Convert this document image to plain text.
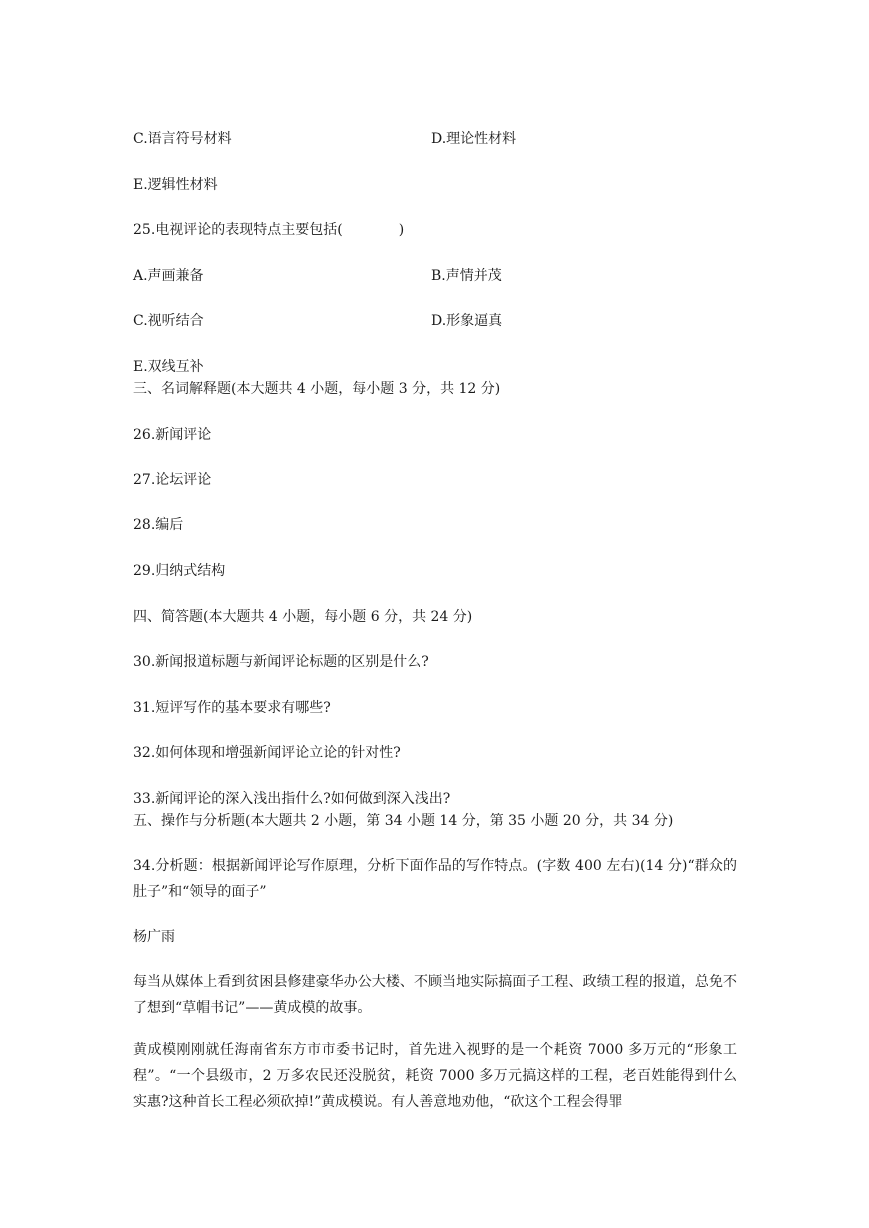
C.语言符号材料	D.理论性材料
E.逻辑性材料
25.电视评论的表现特点主要包括(　　　　)
A.声画兼备	B.声情并茂
C.视听结合	D.形象逼真
E.双线互补
三、名词解释题(本大题共 4 小题，每小题 3 分，共 12 分)
26.新闻评论
27.论坛评论
28.编后
29.归纳式结构
四、简答题(本大题共 4 小题，每小题 6 分，共 24 分)
30.新闻报道标题与新闻评论标题的区别是什么?
31.短评写作的基本要求有哪些?
32.如何体现和增强新闻评论立论的针对性?
33.新闻评论的深入浅出指什么?如何做到深入浅出?
五、操作与分析题(本大题共 2 小题，第 34 小题 14 分，第 35 小题 20 分，共 34 分)
34.分析题：根据新闻评论写作原理，分析下面作品的写作特点。(字数 400 左右)(14 分)“群众的肚子”和“领导的面子”
杨广雨
每当从媒体上看到贫困县修建豪华办公大楼、不顾当地实际搞面子工程、政绩工程的报道，总免不了想到“草帽书记”——黄成模的故事。
黄成模刚刚就任海南省东方市市委书记时，首先进入视野的是一个耗资 7000 多万元的“形象工程”。“一个县级市，2 万多农民还没脱贫，耗资 7000 多万元搞这样的工程，老百姓能得到什么实惠?这种首长工程必须砍掉!”黄成模说。有人善意地劝他，“砍这个工程会得罪
